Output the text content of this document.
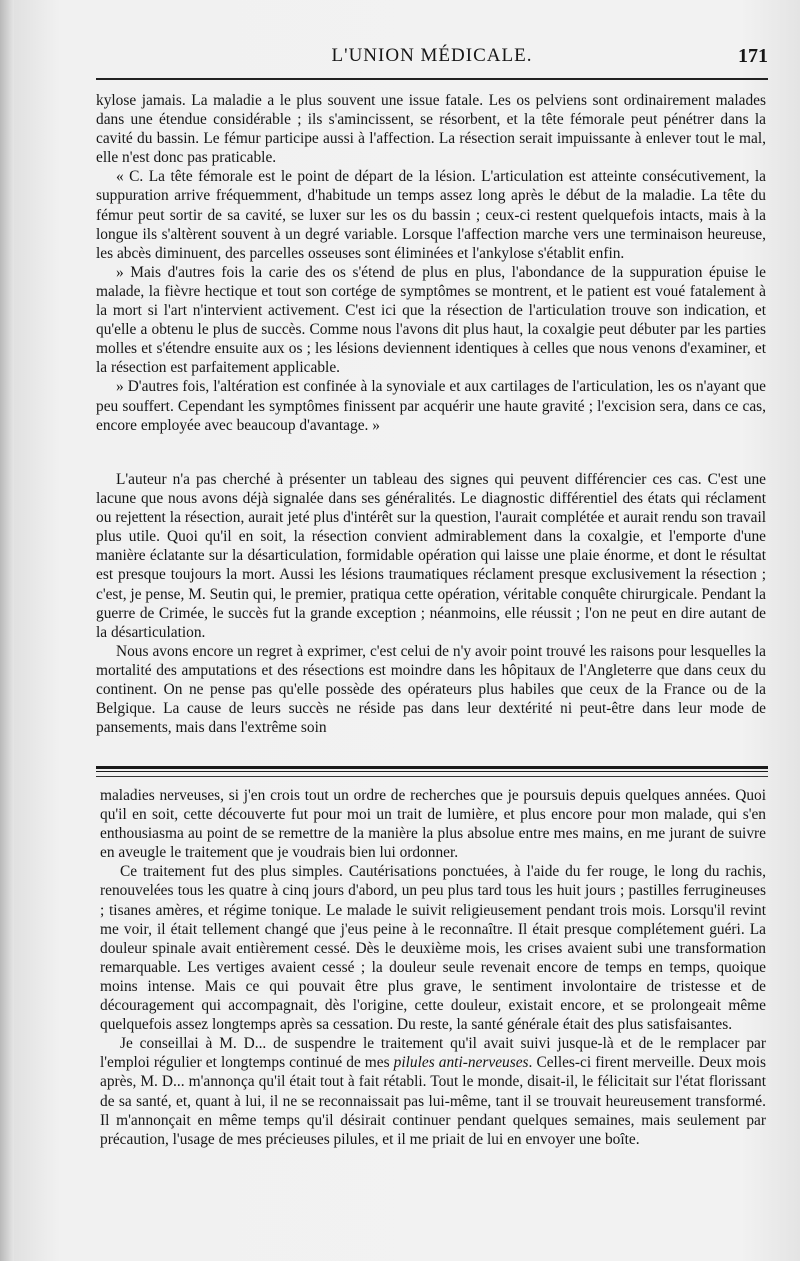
L'UNION MÉDICALE.	171

kylose jamais. La maladie a le plus souvent une issue fatale. Les os pelviens sont ordinairement malades dans une étendue considérable ; ils s'amincissent, se résorbent, et la tête fémorale peut pénétrer dans la cavité du bassin. Le fémur participe aussi à l'affection. La résection serait impuissante à enlever tout le mal, elle n'est donc pas praticable.

« C. La tête fémorale est le point de départ de la lésion. L'articulation est atteinte consécutivement, la suppuration arrive fréquemment, d'habitude un temps assez long après le début de la maladie. La tête du fémur peut sortir de sa cavité, se luxer sur les os du bassin ; ceux-ci restent quelquefois intacts, mais à la longue ils s'altèrent souvent à un degré variable. Lorsque l'affection marche vers une terminaison heureuse, les abcès diminuent, des parcelles osseuses sont éliminées et l'ankylose s'établit enfin.

» Mais d'autres fois la carie des os s'étend de plus en plus, l'abondance de la suppuration épuise le malade, la fièvre hectique et tout son cortége de symptômes se montrent, et le patient est voué fatalement à la mort si l'art n'intervient activement. C'est ici que la résection de l'articulation trouve son indication, et qu'elle a obtenu le plus de succès. Comme nous l'avons dit plus haut, la coxalgie peut débuter par les parties molles et s'étendre ensuite aux os ; les lésions deviennent identiques à celles que nous venons d'examiner, et la résection est parfaitement applicable.

» D'autres fois, l'altération est confinée à la synoviale et aux cartilages de l'articulation, les os n'ayant que peu souffert. Cependant les symptômes finissent par acquérir une haute gravité ; l'excision sera, dans ce cas, encore employée avec beaucoup d'avantage. »

L'auteur n'a pas cherché à présenter un tableau des signes qui peuvent différencier ces cas. C'est une lacune que nous avons déjà signalée dans ses généralités. Le diagnostic différentiel des états qui réclament ou rejettent la résection, aurait jeté plus d'intérêt sur la question, l'aurait complétée et aurait rendu son travail plus utile. Quoi qu'il en soit, la résection convient admirablement dans la coxalgie, et l'emporte d'une manière éclatante sur la désarticulation, formidable opération qui laisse une plaie énorme, et dont le résultat est presque toujours la mort. Aussi les lésions traumatiques réclament presque exclusivement la résection ; c'est, je pense, M. Seutin qui, le premier, pratiqua cette opération, véritable conquête chirurgicale. Pendant la guerre de Crimée, le succès fut la grande exception ; néanmoins, elle réussit ; l'on ne peut en dire autant de la désarticulation.

Nous avons encore un regret à exprimer, c'est celui de n'y avoir point trouvé les raisons pour lesquelles la mortalité des amputations et des résections est moindre dans les hôpitaux de l'Angleterre que dans ceux du continent. On ne pense pas qu'elle possède des opérateurs plus habiles que ceux de la France ou de la Belgique. La cause de leurs succès ne réside pas dans leur dextérité ni peut-être dans leur mode de pansements, mais dans l'extrême soin

maladies nerveuses, si j'en crois tout un ordre de recherches que je poursuis depuis quelques années. Quoi qu'il en soit, cette découverte fut pour moi un trait de lumière, et plus encore pour mon malade, qui s'en enthousiasma au point de se remettre de la manière la plus absolue entre mes mains, en me jurant de suivre en aveugle le traitement que je voudrais bien lui ordonner.

Ce traitement fut des plus simples. Cautérisations ponctuées, à l'aide du fer rouge, le long du rachis, renouvelées tous les quatre à cinq jours d'abord, un peu plus tard tous les huit jours ; pastilles ferrugineuses ; tisanes amères, et régime tonique. Le malade le suivit religieusement pendant trois mois. Lorsqu'il revint me voir, il était tellement changé que j'eus peine à le reconnaître. Il était presque complétement guéri. La douleur spinale avait entièrement cessé. Dès le deuxième mois, les crises avaient subi une transformation remarquable. Les vertiges avaient cessé ; la douleur seule revenait encore de temps en temps, quoique moins intense. Mais ce qui pouvait être plus grave, le sentiment involontaire de tristesse et de découragement qui accompagnait, dès l'origine, cette douleur, existait encore, et se prolongeait même quelquefois assez longtemps après sa cessation. Du reste, la santé générale était des plus satisfaisantes.

Je conseillai à M. D... de suspendre le traitement qu'il avait suivi jusque-là et de le remplacer par l'emploi régulier et longtemps continué de mes pilules anti-nerveuses. Celles-ci firent merveille. Deux mois après, M. D... m'annonça qu'il était tout à fait rétabli. Tout le monde, disait-il, le félicitait sur l'état florissant de sa santé, et, quant à lui, il ne se reconnaissait pas lui-même, tant il se trouvait heureusement transformé. Il m'annonçait en même temps qu'il désirait continuer pendant quelques semaines, mais seulement par précaution, l'usage de mes précieuses pilules, et il me priait de lui en envoyer une boîte.
